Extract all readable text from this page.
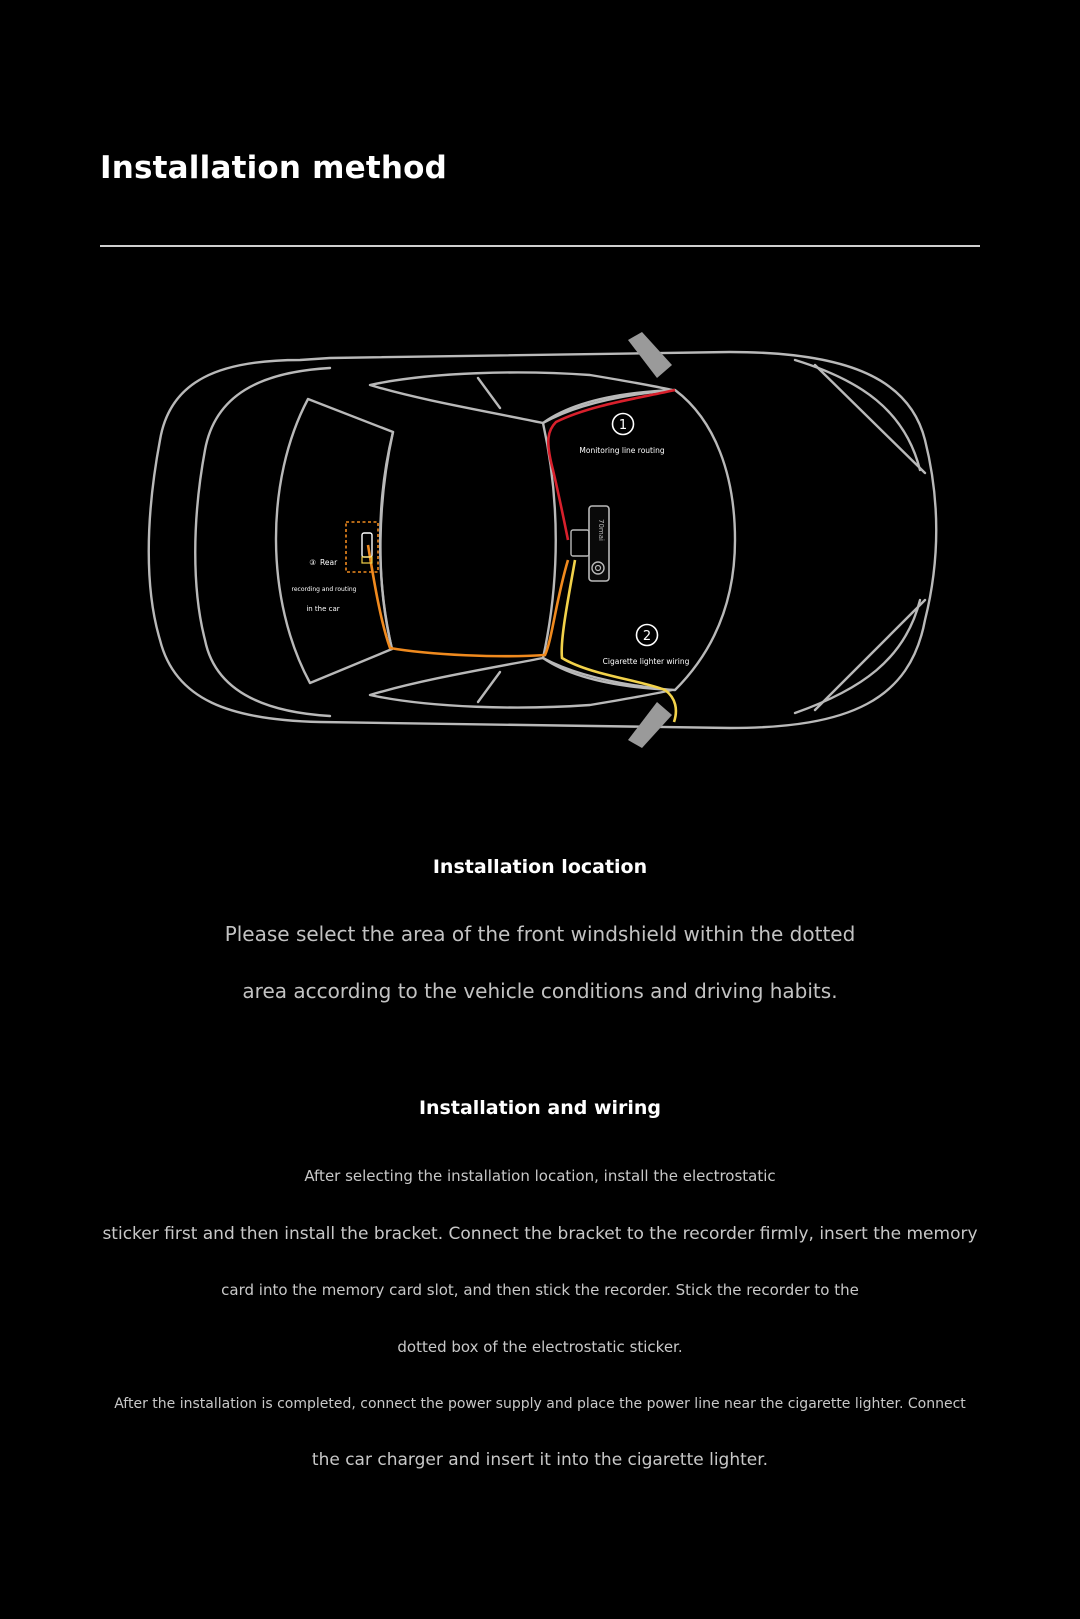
Installation method
70mai
1
Monitoring line routing
2
Cigarette lighter wiring
③ Rear
recording and routing
in the car
Installation location
Please select the area of the front windshield within the dotted
area according to the vehicle conditions and driving habits.
Installation and wiring
After selecting the installation location, install the electrostatic
sticker first and then install the bracket. Connect the bracket to the recorder firmly, insert the memory
card into the memory card slot, and then stick the recorder. Stick the recorder to the
dotted box of the electrostatic sticker.
After the installation is completed, connect the power supply and place the power line near the cigarette lighter. Connect
the car charger and insert it into the cigarette lighter.
